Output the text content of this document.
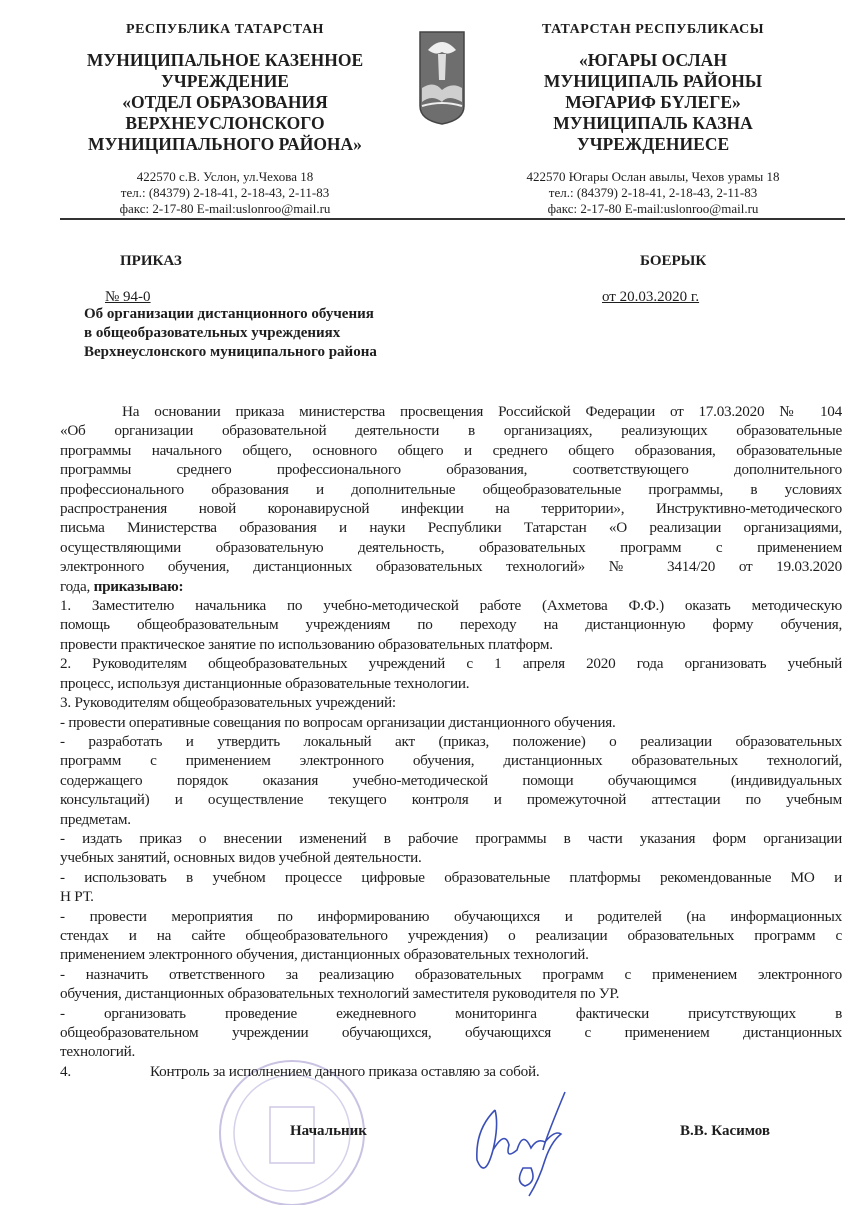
РЕСПУБЛИКА ТАТАРСТАН
МУНИЦИПАЛЬНОЕ КАЗЕННОЕ
УЧРЕЖДЕНИЕ
«ОТДЕЛ ОБРАЗОВАНИЯ
ВЕРХНЕУСЛОНСКОГО
МУНИЦИПАЛЬНОГО РАЙОНА»
422570 с.В. Услон, ул.Чехова 18
тел.: (84379) 2-18-41, 2-18-43, 2-11-83
факс: 2-17-80 E-mail:uslonroo@mail.ru
ТАТАРСТАН РЕСПУБЛИКАСЫ
«ЮГАРЫ ОСЛАН
МУНИЦИПАЛЬ РАЙОНЫ
МӘГАРИФ БҮЛЕГЕ»
МУНИЦИПАЛЬ КАЗНА
УЧРЕЖДЕНИЕСЕ
422570 Югары Ослан авылы, Чехов урамы 18
тел.: (84379) 2-18-41, 2-18-43, 2-11-83
факс: 2-17-80 E-mail:uslonroo@mail.ru
ПРИКАЗ
№ 94-0
БОЕРЫК
от 20.03.2020 г.
Об организации дистанционного обучения
в общеобразовательных учреждениях
Верхнеуслонского муниципального района
На основании приказа министерства просвещения Российской Федерации от 17.03.2020 № 104
«Об организации образовательной деятельности в организациях, реализующих образовательные
программы начального общего, основного общего и среднего общего образования, образовательные
программы среднего профессионального образования, соответствующего дополнительного
профессионального образования и дополнительные общеобразовательные программы, в условиях
распространения новой коронавирусной инфекции на территории», Инструктивно-методического
письма Министерства образования и науки Республики Татарстан «О реализации организациями,
осуществляющими образовательную деятельность, образовательных программ с применением
электронного обучения, дистанционных образовательных технологий» № 3414/20 от 19.03.2020
года, приказываю:
1. Заместителю начальника по учебно-методической работе (Ахметова Ф.Ф.) оказать методическую
помощь общеобразовательным учреждениям по переходу на дистанционную форму обучения,
провести практическое занятие по использованию образовательных платформ.
2. Руководителям общеобразовательных учреждений с 1 апреля 2020 года организовать учебный
процесс, используя дистанционные образовательные технологии.
3. Руководителям общеобразовательных учреждений:
- провести оперативные совещания по вопросам организации дистанционного обучения.
- разработать и утвердить локальный акт (приказ, положение) о реализации образовательных
программ с применением электронного обучения, дистанционных образовательных технологий,
содержащего порядок оказания учебно-методической помощи обучающимся (индивидуальных
консультаций) и осуществление текущего контроля и промежуточной аттестации по учебным
предметам.
- издать приказ о внесении изменений в рабочие программы в части указания форм организации
учебных занятий, основных видов учебной деятельности.
- использовать в учебном процессе цифровые образовательные платформы рекомендованные МО и
Н РТ.
- провести мероприятия по информированию обучающихся и родителей (на информационных
стендах и на сайте общеобразовательного учреждения) о реализации образовательных программ с
применением электронного обучения, дистанционных образовательных технологий.
- назначить ответственного за реализацию образовательных программ с применением электронного
обучения, дистанционных образовательных технологий заместителя руководителя по УР.
- организовать проведение ежедневного мониторинга фактически присутствующих в
общеобразовательном учреждении обучающихся, обучающихся с применением дистанционных
технологий.
4.	Контроль за исполнением данного приказа оставляю за собой.
Начальник	В.В. Касимов
